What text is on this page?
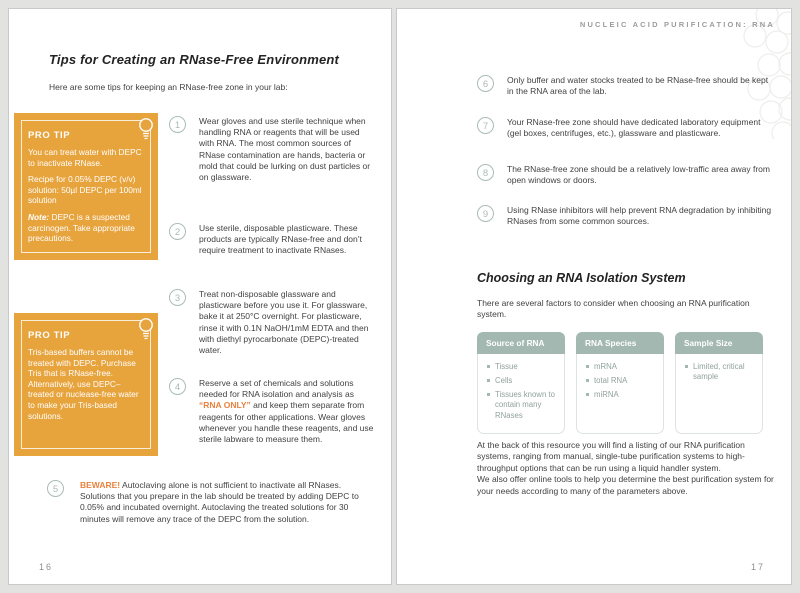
Tips for Creating an RNase-Free Environment
Here are some tips for keeping an RNase-free zone in your lab:
PRO TIP

You can treat water with DEPC to inactivate RNase.

Recipe for 0.05% DEPC (v/v) solution: 50µl DEPC per 100ml solution

Note: DEPC is a suspected carcinogen. Take appropriate precautions.

PRO TIP

Tris-based buffers cannot be treated with DEPC. Purchase Tris that is RNase-free. Alternatively, use DEPC–treated or nuclease-free water to make your Tris-based solutions.

1	Wear gloves and use sterile technique when handling RNA or reagents that will be used with RNA. The most common sources of RNase contamination are hands, bacteria or mold that could be lurking on dust particles or on glassware.
2	Use sterile, disposable plasticware. These products are typically RNase-free and don’t require treatment to inactivate RNases.
3	Treat non-disposable glassware and plasticware before you use it. For glassware, bake it at 250°C overnight. For plasticware, rinse it with 0.1N NaOH/1mM EDTA and then with diethyl pyrocarbonate (DEPC)-treated water.
4	Reserve a set of chemicals and solutions needed for RNA isolation and analysis as “RNA ONLY” and keep them separate from reagents for other applications. Wear gloves whenever you handle these reagents, and use sterile labware to measure them.
5	BEWARE! Autoclaving alone is not sufficient to inactivate all RNases. Solutions that you prepare in the lab should be treated by adding DEPC to 0.05% and incubated overnight. Autoclaving the treated solutions for 30 minutes will remove any trace of the DEPC from the solution.
16
NUCLEIC ACID PURIFICATION: RNA
6	Only buffer and water stocks treated to be RNase-free should be kept in the RNA area of the lab.
7	Your RNase-free zone should have dedicated laboratory equipment (gel boxes, centrifuges, etc.), glassware and plasticware.
8	The RNase-free zone should be a relatively low-traffic area away from open windows or doors.
9	Using RNase inhibitors will help prevent RNA degradation by inhibiting RNases from some common sources.
Choosing an RNA Isolation System
There are several factors to consider when choosing an RNA purification system.
Source of RNA
Tissue
Cells
Tissues known to contain many RNases
RNA Species
mRNA
total RNA
miRNA
Sample Size
Limited, critical sample

At the back of this resource you will find a listing of our RNA purification systems, ranging from manual, single-tube purification systems to high-throughput options that can be run using a liquid handler system.

We also offer online tools to help you determine the best purification system for your needs according to many of the parameters above.

17
